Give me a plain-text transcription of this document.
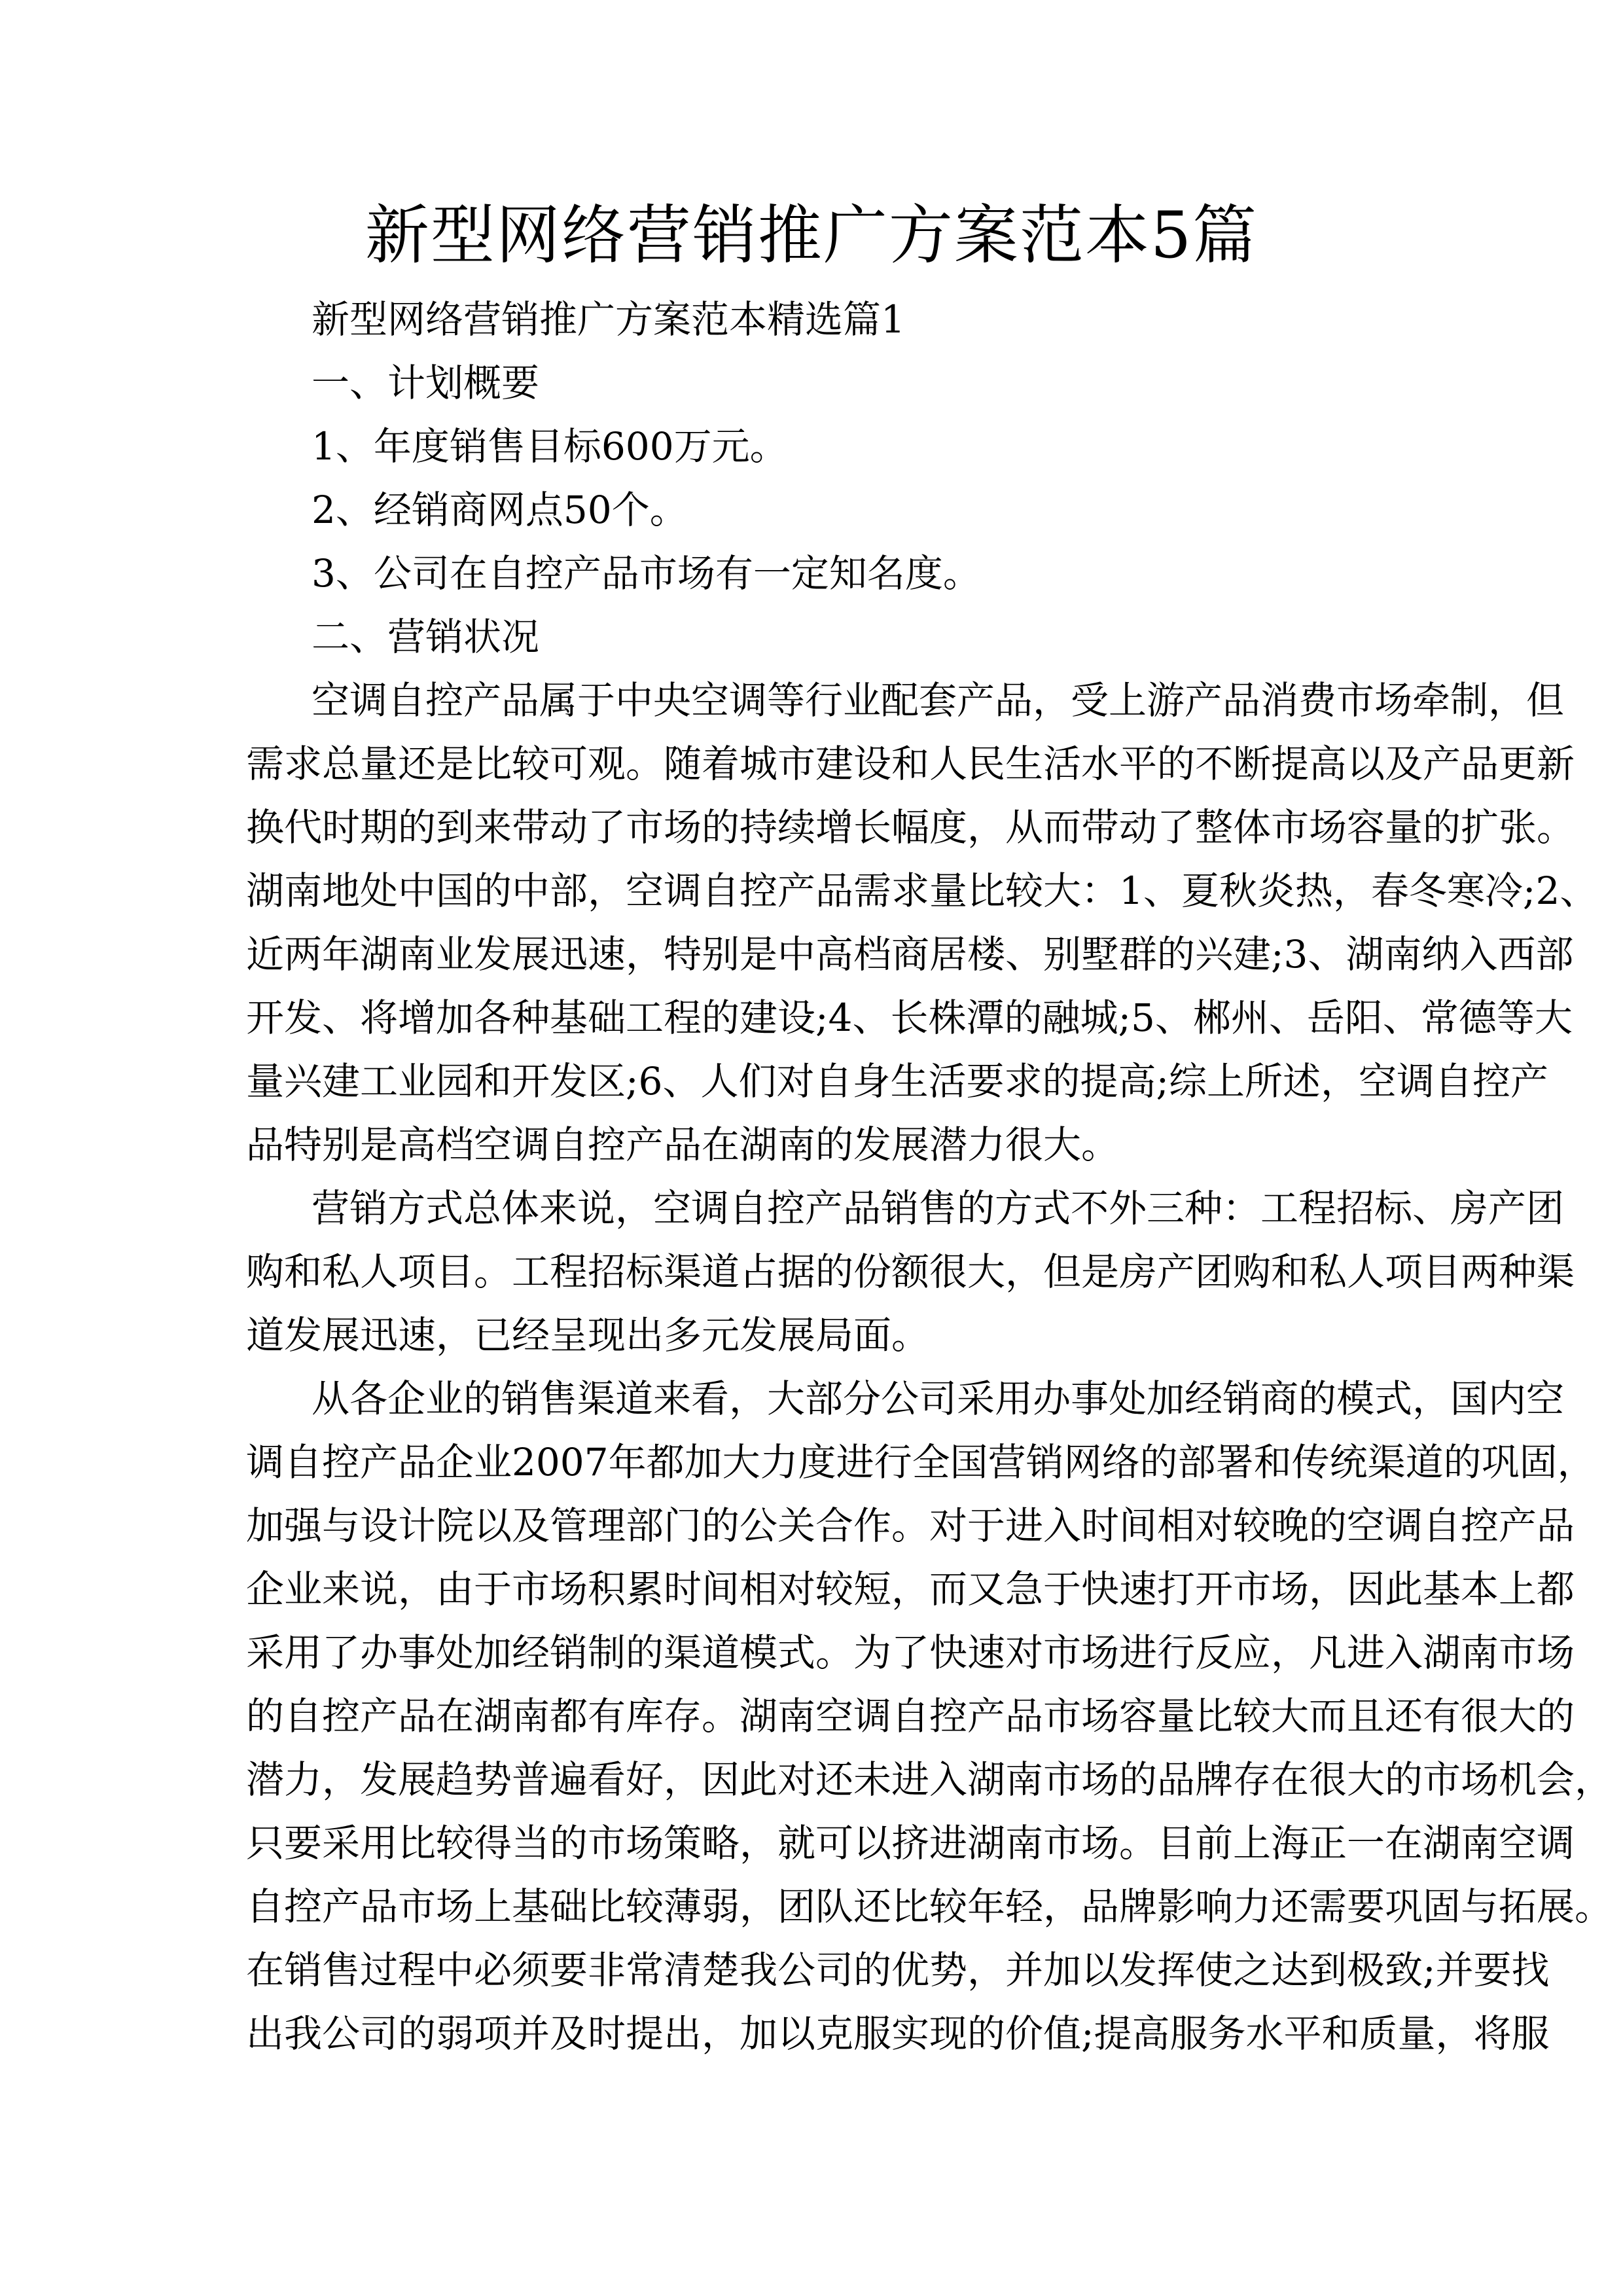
新型网络营销推广方案范本5篇
新型网络营销推广方案范本精选篇1
一、计划概要
1、年度销售目标600万元。
2、经销商网点50个。
3、公司在自控产品市场有一定知名度。
二、营销状况
空调自控产品属于中央空调等行业配套产品，受上游产品消费市场牵制，但
需求总量还是比较可观。随着城市建设和人民生活水平的不断提高以及产品更新
换代时期的到来带动了市场的持续增长幅度，从而带动了整体市场容量的扩张。
湖南地处中国的中部，空调自控产品需求量比较大：1、夏秋炎热，春冬寒冷;2、
近两年湖南业发展迅速，特别是中高档商居楼、别墅群的兴建;3、湖南纳入西部
开发、将增加各种基础工程的建设;4、长株潭的融城;5、郴州、岳阳、常德等大
量兴建工业园和开发区;6、人们对自身生活要求的提高;综上所述，空调自控产
品特别是高档空调自控产品在湖南的发展潜力很大。
营销方式总体来说，空调自控产品销售的方式不外三种：工程招标、房产团
购和私人项目。工程招标渠道占据的份额很大，但是房产团购和私人项目两种渠
道发展迅速，已经呈现出多元发展局面。
从各企业的销售渠道来看，大部分公司采用办事处加经销商的模式，国内空
调自控产品企业2007年都加大力度进行全国营销网络的部署和传统渠道的巩固，
加强与设计院以及管理部门的公关合作。对于进入时间相对较晚的空调自控产品
企业来说，由于市场积累时间相对较短，而又急于快速打开市场，因此基本上都
采用了办事处加经销制的渠道模式。为了快速对市场进行反应，凡进入湖南市场
的自控产品在湖南都有库存。湖南空调自控产品市场容量比较大而且还有很大的
潜力，发展趋势普遍看好，因此对还未进入湖南市场的品牌存在很大的市场机会，
只要采用比较得当的市场策略，就可以挤进湖南市场。目前上海正一在湖南空调
自控产品市场上基础比较薄弱，团队还比较年轻，品牌影响力还需要巩固与拓展。
在销售过程中必须要非常清楚我公司的优势，并加以发挥使之达到极致;并要找
出我公司的弱项并及时提出，加以克服实现的价值;提高服务水平和质量，将服
